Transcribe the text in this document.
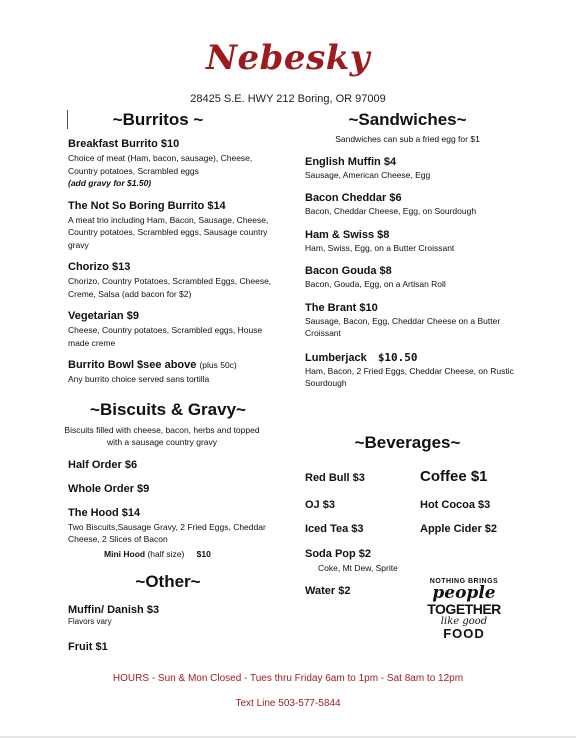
Nebesky
28425 S.E. HWY 212 Boring, OR 97009
~Burritos ~
Breakfast Burrito $10
Choice of meat (Ham, bacon, sausage), Cheese, Country potatoes, Scrambled eggs
(add gravy for $1.50)
The Not So Boring Burrito $14
A meat trio including Ham, Bacon, Sausage, Cheese, Country potatoes, Scrambled eggs, Sausage country gravy
Chorizo $13
Chorizo, Country Potatoes, Scrambled Eggs, Cheese, Creme, Salsa (add bacon for $2)
Vegetarian $9
Cheese, Country potatoes, Scrambled eggs, House made creme
Burrito Bowl $see above (plus 50c)
Any burrito choice served sans tortilla
~Biscuits & Gravy~
Biscuits filled with cheese, bacon, herbs and topped with a sausage country gravy
Half Order $6
Whole Order $9
The Hood $14
Two Biscuits,Sausage Gravy, 2 Fried Eggs, Cheddar Cheese, 2 Slices of Bacon
Mini Hood (half size) $10
~Other~
Muffin/ Danish $3
Flavors vary
Fruit $1
~Sandwiches~
Sandwiches can sub a fried egg for $1
English Muffin $4
Sausage, American Cheese, Egg
Bacon Cheddar $6
Bacon, Cheddar Cheese, Egg, on Sourdough
Ham & Swiss $8
Ham, Swiss, Egg, on a Butter Croissant
Bacon Gouda $8
Bacon, Gouda, Egg, on a Artisan Roll
The Brant $10
Sausage, Bacon, Egg, Cheddar Cheese on a Butter Croissant
Lumberjack $10.50
Ham, Bacon, 2 Fried Eggs, Cheddar Cheese, on Rustic Sourdough
~Beverages~
Red Bull $3	Coffee $1
OJ $3	Hot Cocoa $3
Iced Tea $3	Apple Cider $2
Soda Pop $2
Coke, Mt Dew, Sprite
Water $2
NOTHING BRINGS
people
TOGETHER
like good
FOOD
HOURS - Sun & Mon Closed - Tues thru Friday 6am to 1pm - Sat 8am to 12pm
Text Line 503-577-5844
